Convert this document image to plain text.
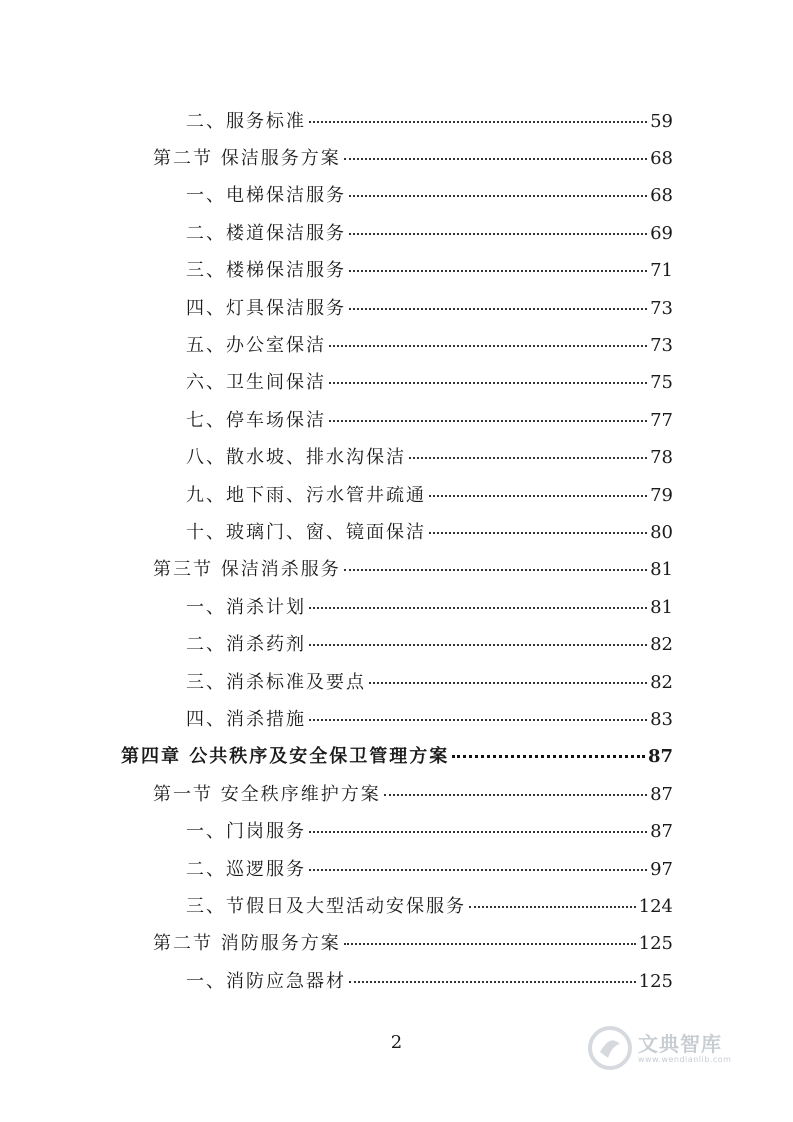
二、服务标准	59
第二节 保洁服务方案	68
一、电梯保洁服务	68
二、楼道保洁服务	69
三、楼梯保洁服务	71
四、灯具保洁服务	73
五、办公室保洁	73
六、卫生间保洁	75
七、停车场保洁	77
八、散水坡、排水沟保洁	78
九、地下雨、污水管井疏通	79
十、玻璃门、窗、镜面保洁	80
第三节 保洁消杀服务	81
一、消杀计划	81
二、消杀药剂	82
三、消杀标准及要点	82
四、消杀措施	83
第四章 公共秩序及安全保卫管理方案	87
第一节 安全秩序维护方案	87
一、门岗服务	87
二、巡逻服务	97
三、节假日及大型活动安保服务	124
第二节 消防服务方案	125
一、消防应急器材	125
2	文典智库
www.wendianlib.com
